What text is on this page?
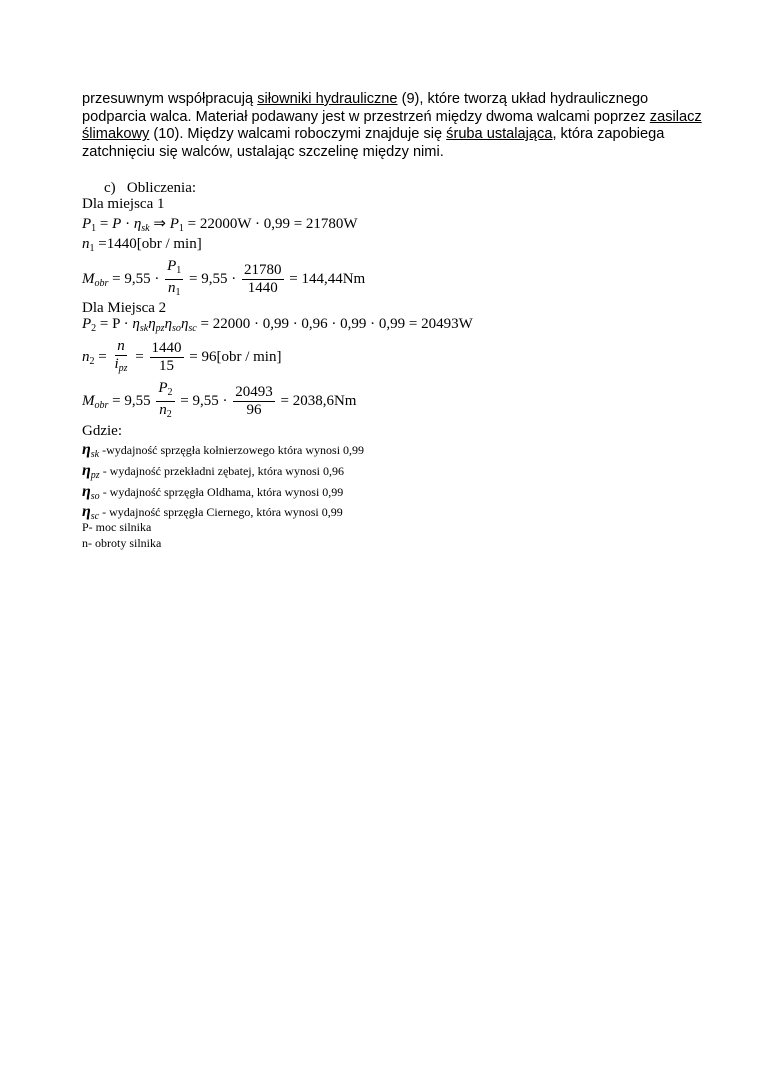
przesuwnym współpracują siłowniki hydrauliczne (9), które tworzą układ hydraulicznego podparcia walca. Materiał podawany jest w przestrzeń między dwoma walcami poprzez zasilacz ślimakowy (10). Między walcami roboczymi znajduje się śruba ustalająca, która zapobiega zatchnięciu się walców, ustalając szczelinę między nimi.
c) Obliczenia:
Dla miejsca 1
$P_1 = P \cdot \eta_{sk}$ ⇒ $P_1 = 22000W \cdot 0,99 = 21780W$
$n_1 =1440[obr / \min]$
$M_{obr} = 9,55 \cdot \frac{P_1}{n_1} = 9,55 \cdot \frac{21780}{1440} = 144,44Nm$
Dla Miejsca 2
$P_2 = P \cdot \eta_{sk}\eta_{pz}\eta_{so}\eta_{sc} = 22000 \cdot 0,99 \cdot 0,96 \cdot 0,99 \cdot 0,99 = 20493W$
$n_2 = \frac{n}{i_{pz}} = \frac{1440}{15} = 96[obr / \min]$
$M_{obr} = 9,55 \frac{P_2}{n_2} = 9,55 \cdot \frac{20493}{96} = 2038,6Nm$
Gdzie:
$\eta_{sk}$ -wydajność sprzęgła kołnierzowego która wynosi 0,99
$\eta_{pz}$ - wydajność przekładni zębatej, która wynosi 0,96
$\eta_{so}$ - wydajność sprzęgła Oldhama, która wynosi 0,99
$\eta_{sc}$ - wydajność sprzęgła Ciernego, która wynosi 0,99
P- moc silnika
n- obroty silnika
